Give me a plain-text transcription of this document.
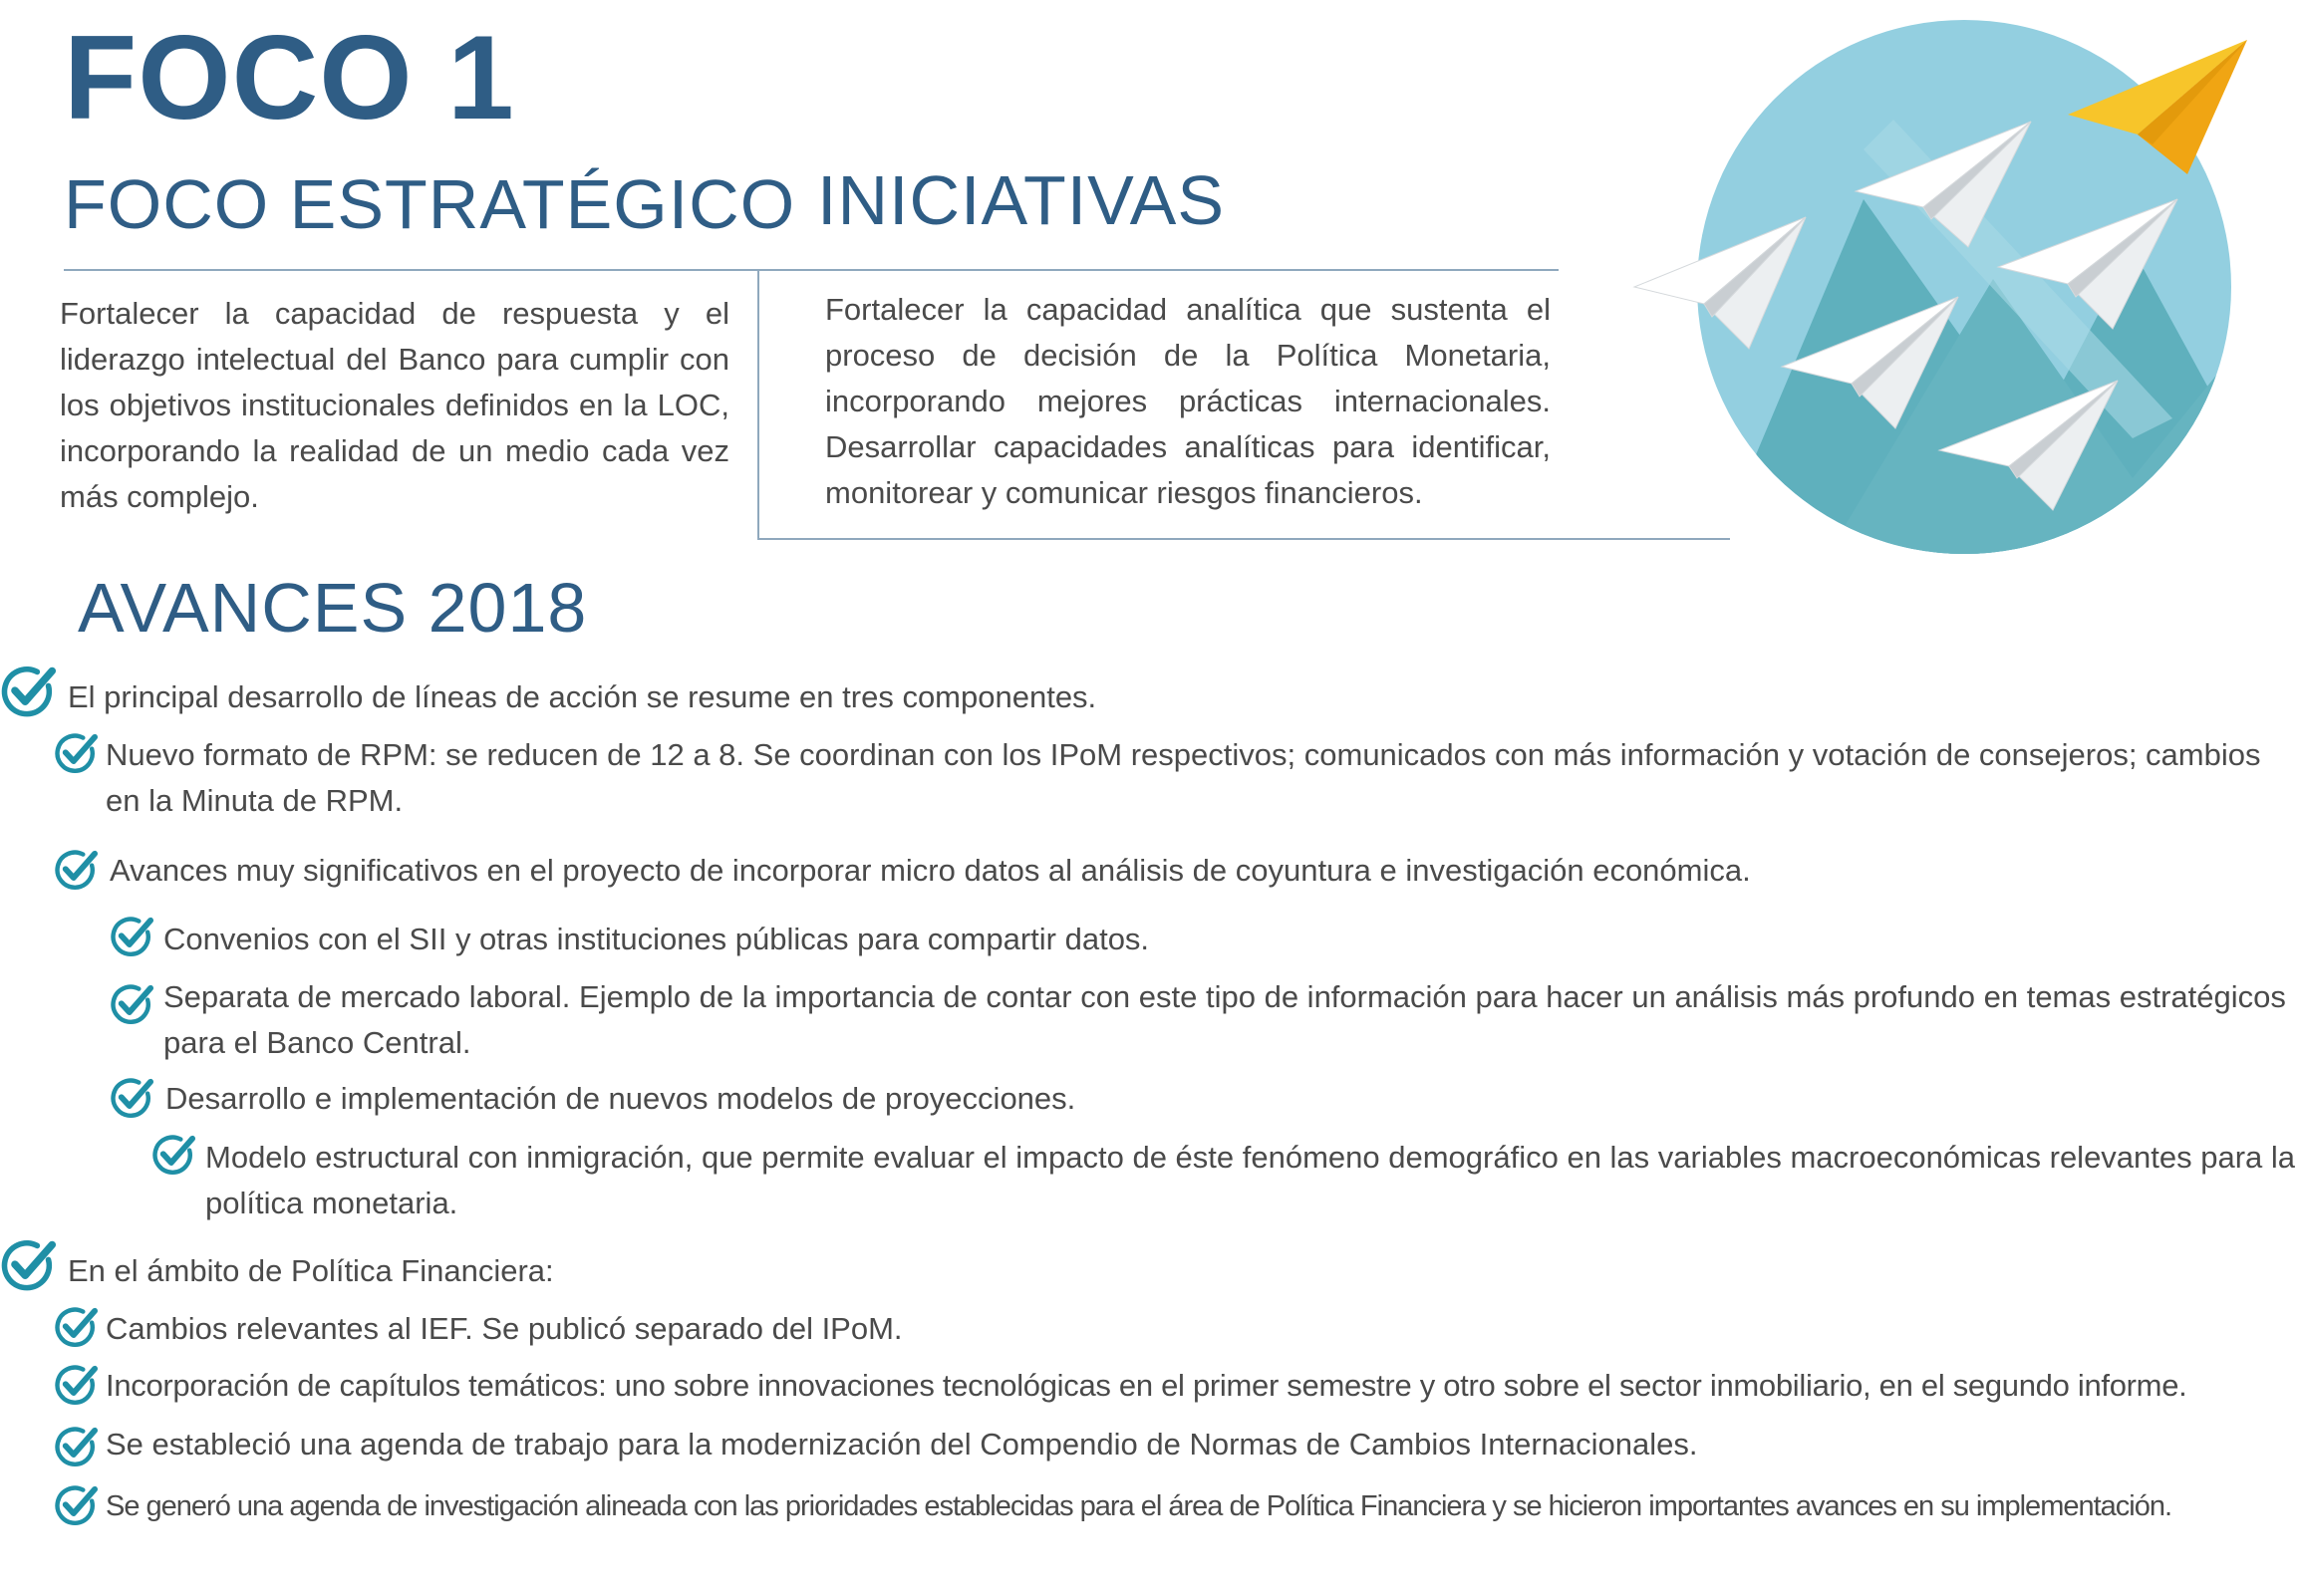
FOCO 1
FOCO ESTRATÉGICO INICIATIVAS
Fortalecer la capacidad de respuesta y el liderazgo intelectual del Banco para cumplir con los objetivos institucionales definidos en la LOC, incorporando la realidad de un medio cada vez más complejo.
Fortalecer la capacidad analítica que sustenta el proceso de decisión de la Política Monetaria, incorporando mejores prácticas internacionales. Desarrollar capacidades analíticas para identificar, monitorear y comunicar riesgos financieros.
AVANCES 2018
El principal desarrollo de líneas de acción se resume en tres componentes.
Nuevo formato de RPM: se reducen de 12 a 8. Se coordinan con los IPoM respectivos; comunicados con más información y votación de consejeros; cambios en la Minuta de RPM.
Avances muy significativos en el proyecto de incorporar micro datos al análisis de coyuntura e investigación económica.
Convenios con el SII y otras instituciones públicas para compartir datos.
Separata de mercado laboral. Ejemplo de la importancia de contar con este tipo de información para hacer un análisis más profundo en temas estratégicos para el Banco Central.
Desarrollo e implementación de nuevos modelos de proyecciones.
Modelo estructural con inmigración, que permite evaluar el impacto de éste fenómeno demográfico en las variables macroeconómicas relevantes para la política monetaria.
En el ámbito de Política Financiera:
Cambios relevantes al IEF. Se publicó separado del IPoM.
Incorporación de capítulos temáticos: uno sobre innovaciones tecnológicas en el primer semestre y otro sobre el sector inmobiliario, en el segundo informe.
Se estableció una agenda de trabajo para la modernización del Compendio de Normas de Cambios Internacionales.
Se generó una agenda de investigación alineada con las prioridades establecidas para el área de Política Financiera y se hicieron importantes avances en su implementación.
